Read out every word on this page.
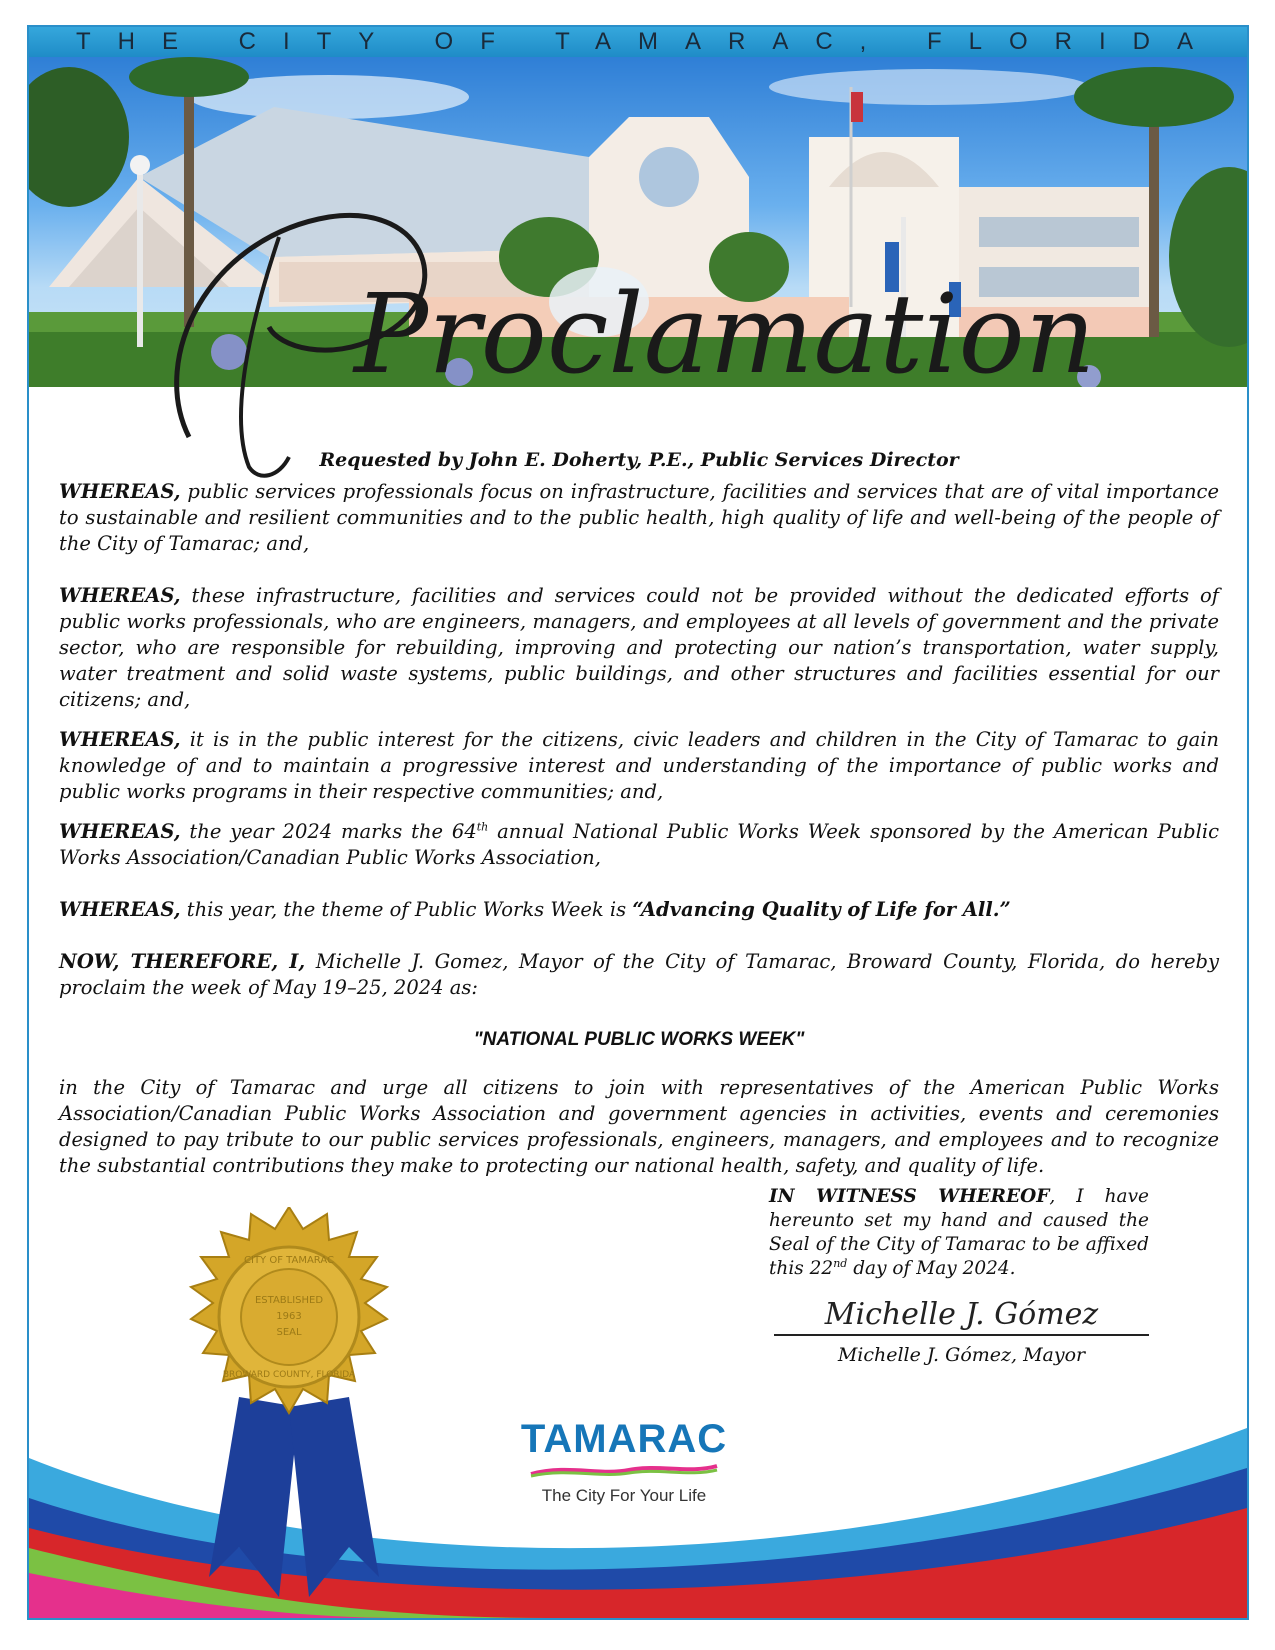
THE CITY OF TAMARAC, FLORIDA
Proclamation

Requested by John E. Doherty, P.E., Public Services Director

WHEREAS, public services professionals focus on infrastructure, facilities and services that are of vital importance to sustainable and resilient communities and to the public health, high quality of life and well-being of the people of the City of Tamarac; and,

WHEREAS, these infrastructure, facilities and services could not be provided without the dedicated efforts of public works professionals, who are engineers, managers, and employees at all levels of government and the private sector, who are responsible for rebuilding, improving and protecting our nation’s transportation, water supply, water treatment and solid waste systems, public buildings, and other structures and facilities essential for our citizens; and,

WHEREAS, it is in the public interest for the citizens, civic leaders and children in the City of Tamarac to gain knowledge of and to maintain a progressive interest and understanding of the importance of public works and public works programs in their respective communities; and,

WHEREAS, the year 2024 marks the 64th annual National Public Works Week sponsored by the American Public Works Association/Canadian Public Works Association,

WHEREAS, this year, the theme of Public Works Week is “Advancing Quality of Life for All.”

NOW, THEREFORE, I, Michelle J. Gomez, Mayor of the City of Tamarac, Broward County, Florida, do hereby proclaim the week of May 19–25, 2024 as:

"NATIONAL PUBLIC WORKS WEEK"

in the City of Tamarac and urge all citizens to join with representatives of the American Public Works Association/Canadian Public Works Association and government agencies in activities, events and ceremonies designed to pay tribute to our public services professionals, engineers, managers, and employees and to recognize the substantial contributions they make to protecting our national health, safety, and quality of life.

IN WITNESS WHEREOF, I have hereunto set my hand and caused the Seal of the City of Tamarac to be affixed this 22nd day of May 2024.
Michelle J. Gómez
Michelle J. Gómez, Mayor
ESTABLISHED
1963
SEAL
CITY OF TAMARAC
BROWARD COUNTY, FLORIDA
TAMARAC
The City For Your Life
